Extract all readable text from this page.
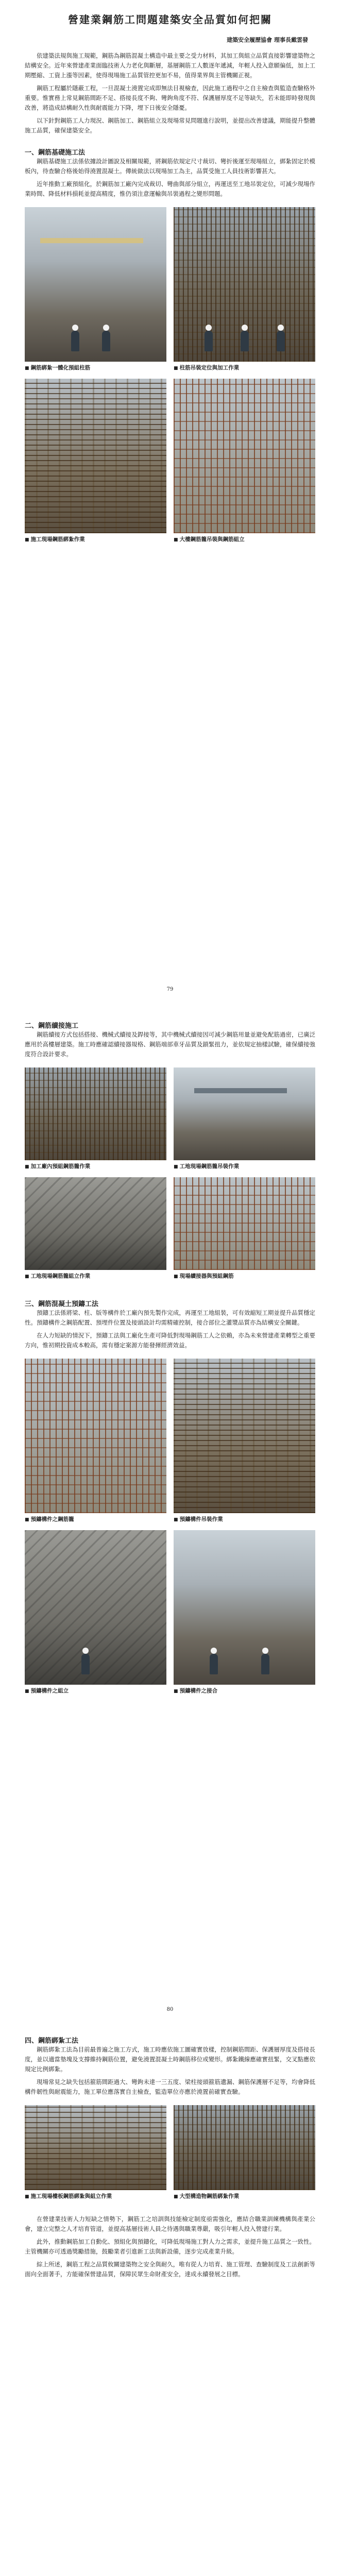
營建業鋼筋工問題建築安全品質如何把關
建築安全履歷協會 理事長戴雲發

依建築法規與施工規範，鋼筋為鋼筋混凝土構造中最主要之受力材料，其加工與組立品質直接影響建築物之結構安全。近年來營建產業面臨技術人力老化與斷層，基層鋼筋工人數逐年遞減，年輕人投入意願偏低，加上工期壓縮、工資上漲等因素，使得現場施工品質管控更加不易，值得業界與主管機關正視。

鋼筋工程屬於隱蔽工程，一旦混凝土澆置完成即無法目視檢查，因此施工過程中之自主檢查與監造查驗格外重要。惟實務上常見鋼筋間距不足、搭接長度不夠、彎鉤角度不符、保護層厚度不足等缺失，若未能即時發現與改善，將造成結構耐久性與耐震能力下降，埋下日後安全隱憂。

以下針對鋼筋工人力現況、鋼筋加工、鋼筋組立及現場常見問題進行說明，並提出改善建議，期能提升整體施工品質，確保建築安全。

一、鋼筋基礎施工法

鋼筋基礎施工法係依據設計圖說及相關規範，將鋼筋依規定尺寸裁切、彎折後運至現場組立，綁紮固定於模板內，待查驗合格後始得澆置混凝土。傳統做法以現場加工為主，品質受施工人員技術影響甚大。

近年推動工廠預組化，於鋼筋加工廠內完成裁切、彎曲與部分組立，再運送至工地吊裝定位，可減少現場作業時間、降低材料損耗並提高精度，惟仍須注意運輸與吊裝過程之變形問題。

■ 鋼筋綁紮一體化預組柱筋	■ 柱筋吊裝定位與加工作業
■ 施工現場鋼筋綁紮作業	■ 大樓鋼筋籠吊裝與鋼筋組立
79
二、鋼筋續接施工

鋼筋續接方式包括搭接、機械式續接及銲接等，其中機械式續接因可減少鋼筋用量並避免配筋過密，已廣泛應用於高樓層建築。施工時應確認續接器規格、鋼筋端部車牙品質及鎖緊扭力，並依規定抽樣試驗，確保續接強度符合設計要求。

■ 加工廠內預組鋼筋籠作業	■ 工地現場鋼筋籠吊裝作業
■ 工地現場鋼筋籠組立作業	■ 現場續接器與預組鋼筋
三、鋼筋混凝土預鑄工法

預鑄工法係將梁、柱、版等構件於工廠內預先製作完成，再運至工地組裝，可有效縮短工期並提升品質穩定性。預鑄構件之鋼筋配置、預埋件位置及接頭設計均需精確控制，接合部位之灌漿品質亦為結構安全關鍵。

在人力短缺的情況下，預鑄工法與工廠化生產可降低對現場鋼筋工人之依賴，亦為未來營建產業轉型之重要方向，惟初期投資成本較高，需有穩定案源方能發揮經濟效益。

■ 預鑄構件之鋼筋籠	■ 預鑄構件吊裝作業
■ 預鑄構件之組立	■ 預鑄構件之接合
80
四、鋼筋綁紮工法

鋼筋綁紮工法為目前最普遍之施工方式，施工時應依施工圖確實放樣，控制鋼筋間距、保護層厚度及搭接長度，並以適當墊塊及支撐維持鋼筋位置，避免澆置混凝土時鋼筋移位或變形。綁紮鐵線應確實扭緊，交叉點應依規定比例綁紮。

現場常見之缺失包括箍筋間距過大、彎鉤未達一三五度、梁柱接頭箍筋遺漏、鋼筋保護層不足等，均會降低構件韌性與耐震能力，施工單位應落實自主檢查，監造單位亦應於澆置前確實查驗。

■ 施工現場樓板鋼筋綁紮與組立作業	■ 大型構造物鋼筋綁紮作業

在營建業技術人力短缺之情勢下，鋼筋工之培訓與技能檢定制度亟需強化，應結合職業訓練機構與產業公會，建立完整之人才培育管道，並提高基層技術人員之待遇與職業尊嚴，吸引年輕人投入營建行業。

此外，推動鋼筋加工自動化、預組化與預鑄化，可降低現場施工對人力之需求，並提升施工品質之一致性。主管機關亦可透過獎勵措施，鼓勵業者引進新工法與新設備，逐步完成產業升級。

綜上所述，鋼筋工程之品質攸關建築物之安全與耐久，唯有從人力培育、施工管理、查驗制度及工法創新等面向全面著手，方能確保營建品質，保障民眾生命財產安全，達成永續發展之目標。
